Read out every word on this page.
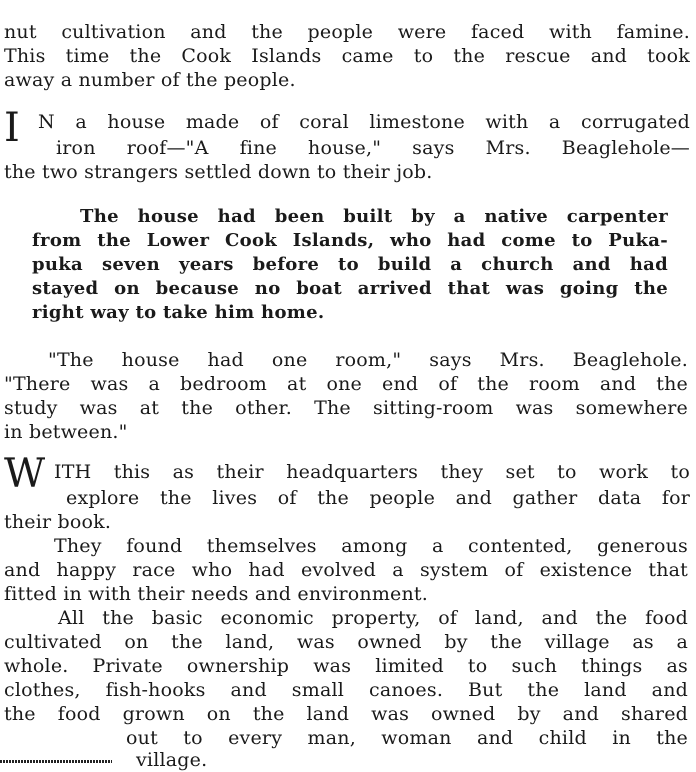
nut cultivation and the people were faced with famine.
This time the Cook Islands came to the rescue and took
away a number of the people.
I N a house made of coral limestone with a corrugated
iron roof—"A fine house," says Mrs. Beaglehole—
the two strangers settled down to their job.
The house had been built by a native carpenter
from the Lower Cook Islands, who had come to Puka-
puka seven years before to build a church and had
stayed on because no boat arrived that was going the
right way to take him home.
"The house had one room," says Mrs. Beaglehole.
"There was a bedroom at one end of the room and the
study was at the other. The sitting-room was somewhere
in between."
W ITH this as their headquarters they set to work to
explore the lives of the people and gather data for
their book.
They found themselves among a contented, generous
and happy race who had evolved a system of existence that
fitted in with their needs and environment.
All the basic economic property, of land, and the food
cultivated on the land, was owned by the village as a
whole. Private ownership was limited to such things as
clothes, fish-hooks and small canoes. But the land and
the food grown on the land was owned by and shared
out to every man, woman and child in the
village.
